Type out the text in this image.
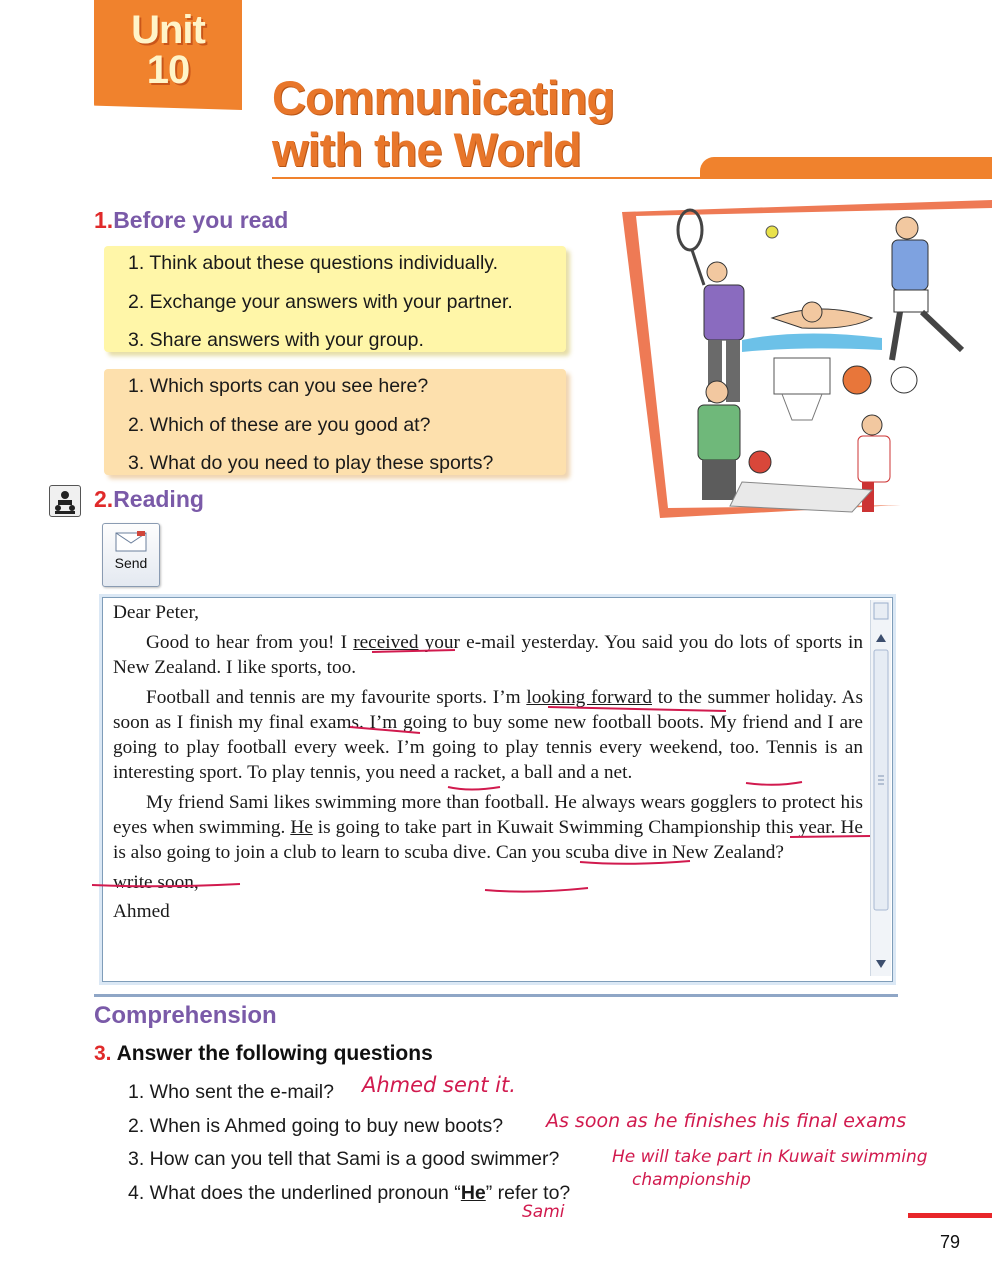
Unit
10
Communicating
with the World
1.Before you read
1. Think about these questions individually.
2. Exchange your answers with your partner.
3. Share answers with your group.
1. Which sports can you see here?
2. Which of these are you good at?
3. What do you need to play these sports?
2.Reading
Send

Dear Peter,

Good to hear from you! I received your e-mail yesterday. You said you do lots of sports in New Zealand. I like sports, too.

Football and tennis are my favourite sports. I’m looking forward to the summer holiday. As soon as I finish my final exams. I’m going to buy some new football boots. My friend and I are going to play football every week. I’m going to play tennis every weekend, too. Tennis is an interesting sport. To play tennis, you need a racket, a ball and a net.

My friend Sami likes swimming more than football. He always wears gogglers to protect his eyes when swimming. He is going to take part in Kuwait Swimming Championship this year. He is also going to join a club to learn to scuba dive. Can you scuba dive in New Zealand?

write soon,

Ahmed

Comprehension
3. Answer the following questions
1. Who sent the e-mail?
2. When is Ahmed going to buy new boots?
3. How can you tell that Sami is a good swimmer?
4. What does the underlined pronoun “He” refer to?
Ahmed sent it.
As soon as he finishes his final exams
He will take part in Kuwait swimming
championship
Sami
79
